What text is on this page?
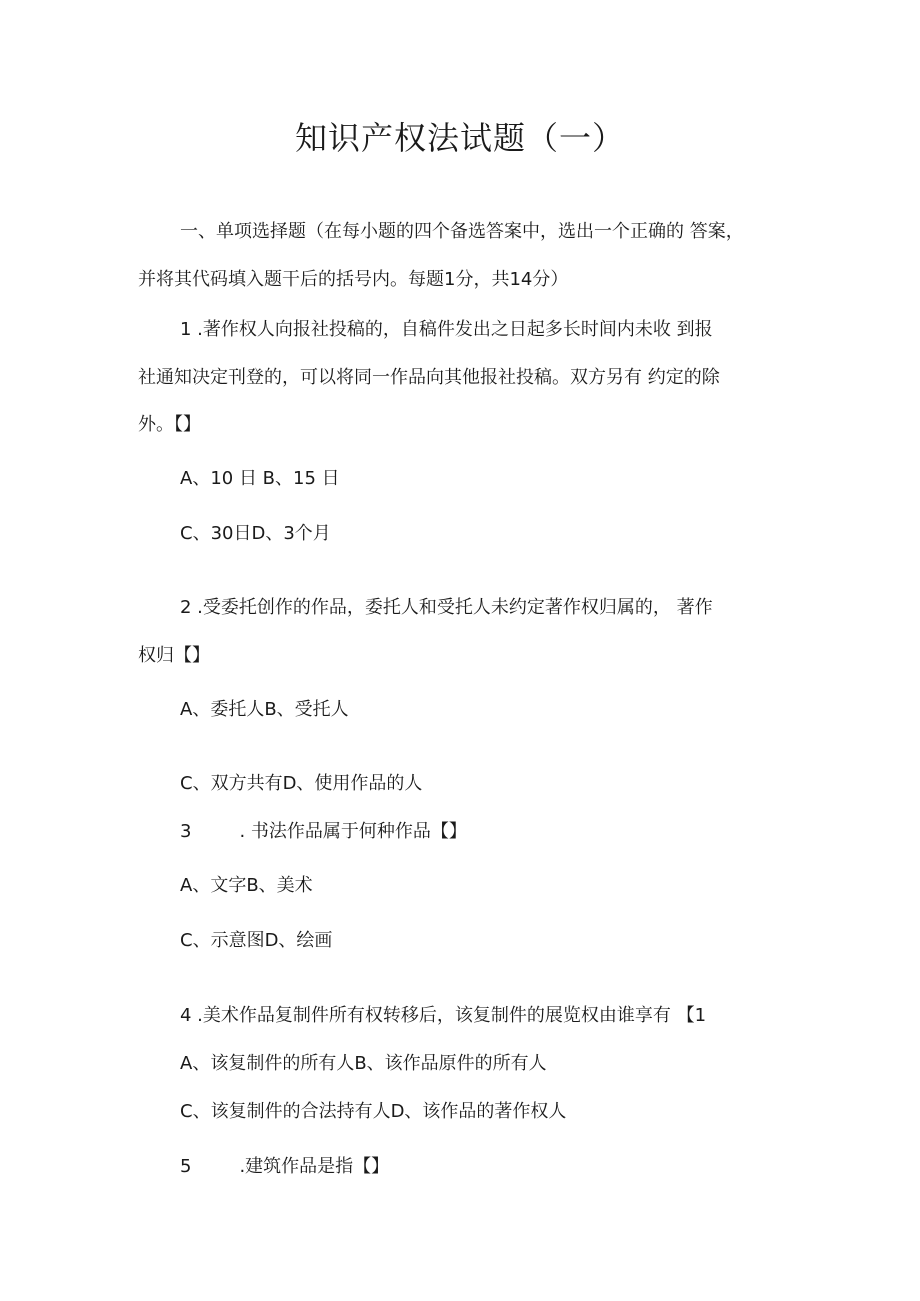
知识产权法试题（一）
一、单项选择题（在每小题的四个备选答案中，选出一个正确的 答案，
并将其代码填入题干后的括号内。每题1分，共14分）
1 .著作权人向报社投稿的，自稿件发出之日起多长时间内未收 到报
社通知决定刊登的，可以将同一作品向其他报社投稿。双方另有 约定的除
外。【】
A、10 日 B、15 日
C、30日D、3个月
2 .受委托创作的作品，委托人和受托人未约定著作权归属的， 著作
权归【】
A、委托人B、受托人
C、双方共有D、使用作品的人
3	. 书法作品属于何种作品【】
A、文字B、美术
C、示意图D、绘画
4 .美术作品复制件所有权转移后，该复制件的展览权由谁享有 【1
A、该复制件的所有人B、该作品原件的所有人
C、该复制件的合法持有人D、该作品的著作权人
5	.建筑作品是指【】
